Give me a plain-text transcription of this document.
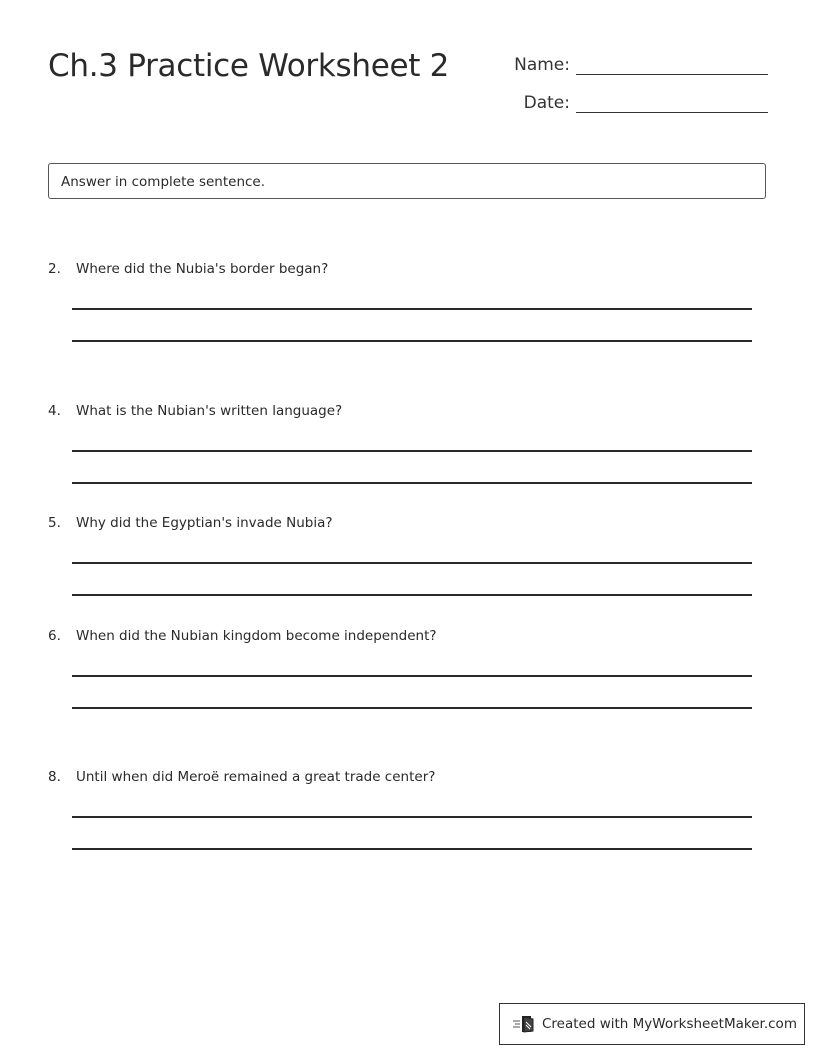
Ch.3 Practice Worksheet 2	Name:
Date:
Answer in complete sentence.
2.	Where did the Nubia's border began?
4.	What is the Nubian's written language?
5.	Why did the Egyptian's invade Nubia?
6.	When did the Nubian kingdom become independent?
8.	Until when did Meroë remained a great trade center?
Created with MyWorksheetMaker.com
